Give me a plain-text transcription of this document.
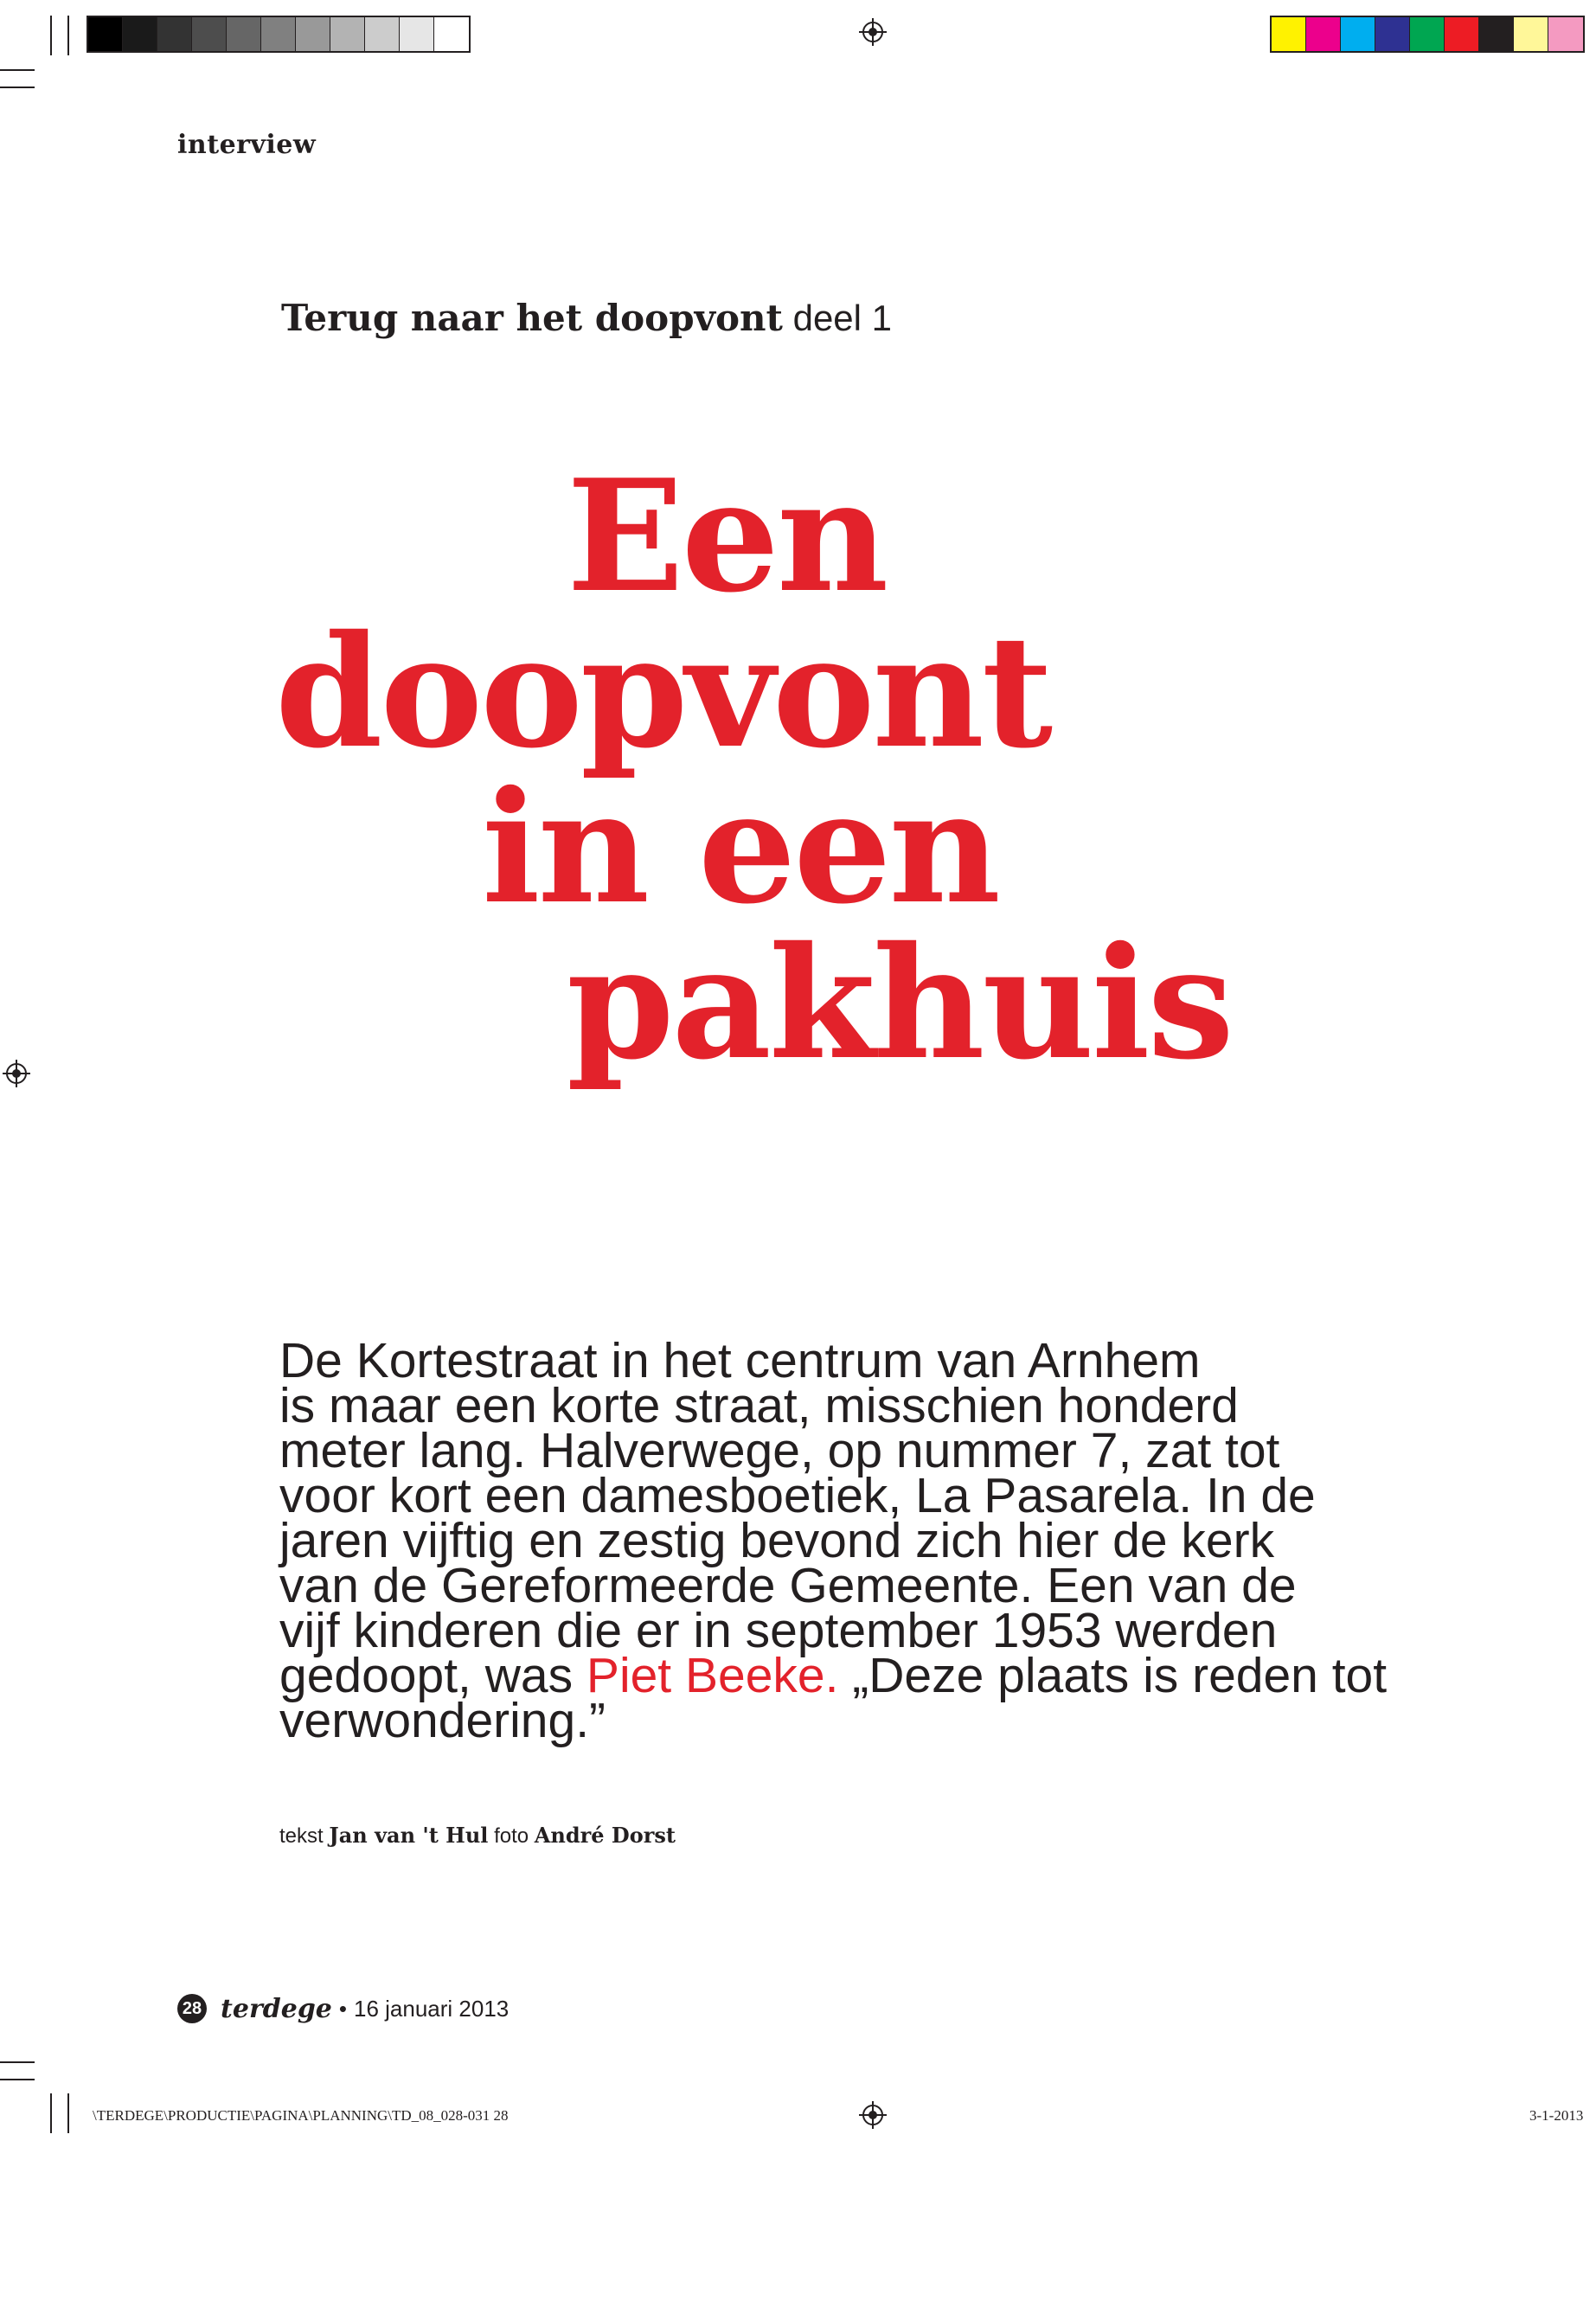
interview
Terug naar het doopvont deel 1
Een
doopvont
in een
pakhuis
De Kortestraat in het centrum van Arnhem
is maar een korte straat, misschien honderd
meter lang. Halverwege, op nummer 7, zat tot
voor kort een damesboetiek, La Pasarela. In de
jaren vijftig en zestig bevond zich hier de kerk
van de Gereformeerde Gemeente. Een van de
vijf kinderen die er in september 1953 werden
gedoopt, was Piet Beeke. „Deze plaats is reden tot
verwondering.”
tekst Jan van 't Hul foto André Dorst
28 terdege • 16 januari 2013
\TERDEGE\PRODUCTIE\PAGINA\PLANNING\TD_08_028-031 28	3-1-2013
